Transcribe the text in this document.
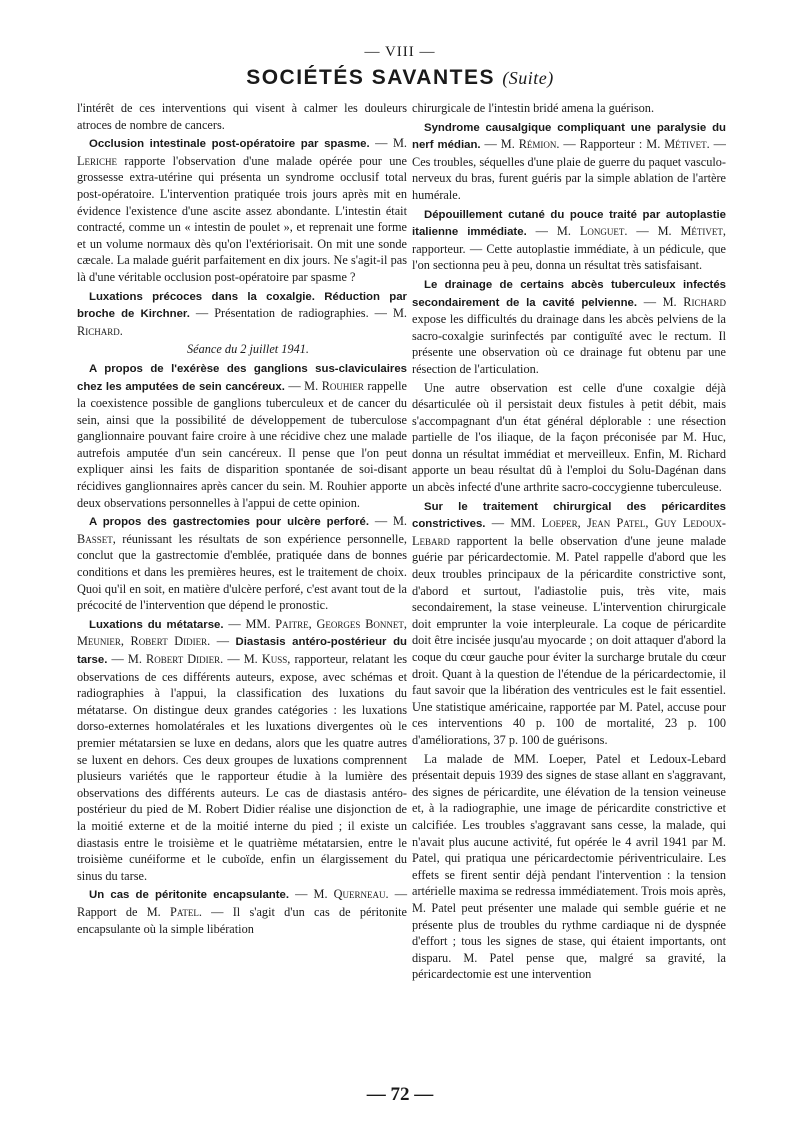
— VIII —
SOCIÉTÉS SAVANTES (Suite)

l'intérêt de ces interventions qui visent à calmer les douleurs atroces de nombre de cancers.

Occlusion intestinale post-opératoire par spasme. — M. Leriche rapporte l'observation d'une malade opérée pour une grossesse extra-utérine qui présenta un syndrome occlusif total post-opératoire. L'intervention pratiquée trois jours après mit en évidence l'existence d'une ascite assez abondante. L'intestin était contracté, comme un « intestin de poulet », et reprenait une forme et un volume normaux dès qu'on l'extériorisait. On mit une sonde cæcale. La malade guérit parfaitement en dix jours. Ne s'agit-il pas là d'une véritable occlusion post-opératoire par spasme ?

Luxations précoces dans la coxalgie. Réduction par broche de Kirchner. — Présentation de radiographies. — M. Richard.

Séance du 2 juillet 1941.

A propos de l'exérèse des ganglions sus-claviculaires chez les amputées de sein cancéreux. — M. Rouhier rappelle la coexistence possible de ganglions tuberculeux et de cancer du sein, ainsi que la possibilité de développement de tuberculose ganglionnaire pouvant faire croire à une récidive chez une malade autrefois amputée d'un sein cancéreux. Il pense que l'on peut expliquer ainsi les faits de disparition spontanée de soi-disant récidives ganglionnaires après cancer du sein. M. Rouhier apporte deux observations personnelles à l'appui de cette opinion.

A propos des gastrectomies pour ulcère perforé. — M. Basset, réunissant les résultats de son expérience personnelle, conclut que la gastrectomie d'emblée, pratiquée dans de bonnes conditions et dans les premières heures, est le traitement de choix. Quoi qu'il en soit, en matière d'ulcère perforé, c'est avant tout de la précocité de l'intervention que dépend le pronostic.

Luxations du métatarse. — MM. Paitre, Georges Bonnet, Meunier, Robert Didier. — Diastasis antéro-postérieur du tarse. — M. Robert Didier. — M. Kuss, rapporteur, relatant les observations de ces différents auteurs, expose, avec schémas et radiographies à l'appui, la classification des luxations du métatarse. On distingue deux grandes catégories : les luxations dorso-externes homolatérales et les luxations divergentes où le premier métatarsien se luxe en dedans, alors que les quatre autres se luxent en dehors. Ces deux groupes de luxations comprennent plusieurs variétés que le rapporteur étudie à la lumière des observations des différents auteurs. Le cas de diastasis antéro-postérieur du pied de M. Robert Didier réalise une disjonction de la moitié externe et de la moitié interne du pied ; il existe un diastasis entre le troisième et le quatrième métatarsien, entre le troisième cunéiforme et le cuboïde, enfin un élargissement du sinus du tarse.

Un cas de péritonite encapsulante. — M. Querneau. — Rapport de M. Patel. — Il s'agit d'un cas de péritonite encapsulante où la simple libération

chirurgicale de l'intestin bridé amena la guérison.

Syndrome causalgique compliquant une paralysie du nerf médian. — M. Rémion. — Rapporteur : M. Métivet. — Ces troubles, séquelles d'une plaie de guerre du paquet vasculo-nerveux du bras, furent guéris par la simple ablation de l'artère humérale.

Dépouillement cutané du pouce traité par autoplastie italienne immédiate. — M. Longuet. — M. Métivet, rapporteur. — Cette autoplastie immédiate, à un pédicule, que l'on sectionna peu à peu, donna un résultat très satisfaisant.

Le drainage de certains abcès tuberculeux infectés secondairement de la cavité pelvienne. — M. Richard expose les difficultés du drainage dans les abcès pelviens de la sacro-coxalgie surinfectés par contiguïté avec le rectum. Il présente une observation où ce drainage fut obtenu par une résection de l'articulation.

Une autre observation est celle d'une coxalgie déjà désarticulée où il persistait deux fistules à petit débit, mais s'accompagnant d'un état général déplorable : une résection partielle de l'os iliaque, de la façon préconisée par M. Huc, donna un résultat immédiat et merveilleux. Enfin, M. Richard apporte un beau résultat dû à l'emploi du Solu-Dagénan dans un abcès infecté d'une arthrite sacro-coccygienne tuberculeuse.

Sur le traitement chirurgical des péricardites constrictives. — MM. Loeper, Jean Patel, Guy Ledoux-Lebard rapportent la belle observation d'une jeune malade guérie par péricardectomie. M. Patel rappelle d'abord que les deux troubles principaux de la péricardite constrictive sont, d'abord et surtout, l'adiastolie puis, très vite, mais secondairement, la stase veineuse. L'intervention chirurgicale doit emprunter la voie interpleurale. La coque de péricardite doit être incisée jusqu'au myocarde ; on doit attaquer d'abord la coque du cœur gauche pour éviter la surcharge brutale du cœur droit. Quant à la question de l'étendue de la péricardectomie, il faut savoir que la libération des ventricules est le fait essentiel. Une statistique américaine, rapportée par M. Patel, accuse pour ces interventions 40 p. 100 de mortalité, 23 p. 100 d'améliorations, 37 p. 100 de guérisons.

La malade de MM. Loeper, Patel et Ledoux-Lebard présentait depuis 1939 des signes de stase allant en s'aggravant, des signes de péricardite, une élévation de la tension veineuse et, à la radiographie, une image de péricardite constrictive et calcifiée. Les troubles s'aggravant sans cesse, la malade, qui n'avait plus aucune activité, fut opérée le 4 avril 1941 par M. Patel, qui pratiqua une péricardectomie périventriculaire. Les effets se firent sentir déjà pendant l'intervention : la tension artérielle maxima se redressa immédiatement. Trois mois après, M. Patel peut présenter une malade qui semble guérie et ne présente plus de troubles du rythme cardiaque ni de dyspnée d'effort ; tous les signes de stase, qui étaient importants, ont disparu. M. Patel pense que, malgré sa gravité, la péricardectomie est une intervention

— 72 —
